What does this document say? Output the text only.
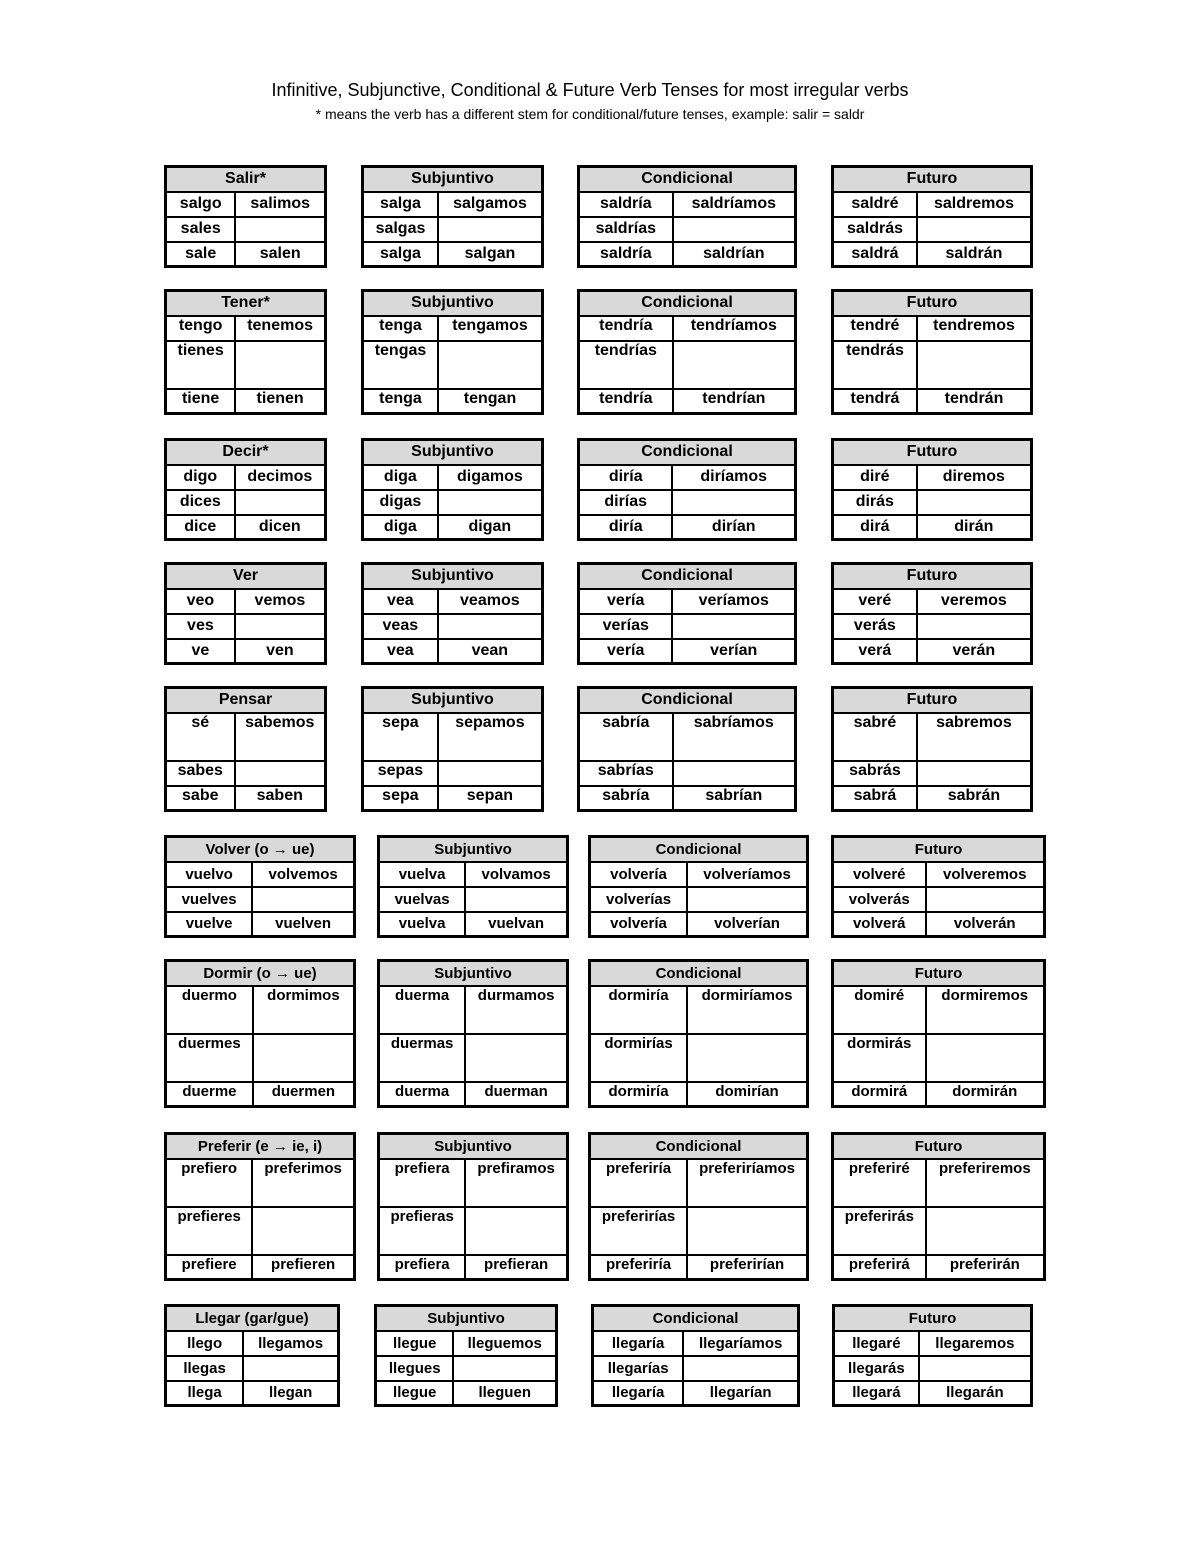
Infinitive, Subjunctive, Conditional & Future Verb Tenses for most irregular verbs
* means the verb has a different stem for conditional/future tenses, example: salir = saldr
Salir*	
salgo	salimos
sales	
sale	salen
Subjuntivo	
salga	salgamos
salgas	
salga	salgan
Condicional	
saldría	saldríamos
saldrías	
saldría	saldrían
Futuro	
saldré	saldremos
saldrás	
saldrá	saldrán
Tener*	
tengo	tenemos
tienes	
tiene	tienen
Subjuntivo	
tenga	tengamos
tengas	
tenga	tengan
Condicional	
tendría	tendríamos
tendrías	
tendría	tendrían
Futuro	
tendré	tendremos
tendrás	
tendrá	tendrán
Decir*	
digo	decimos
dices	
dice	dicen
Subjuntivo	
diga	digamos
digas	
diga	digan
Condicional	
diría	diríamos
dirías	
diría	dirían
Futuro	
diré	diremos
dirás	
dirá	dirán
Ver	
veo	vemos
ves	
ve	ven
Subjuntivo	
vea	veamos
veas	
vea	vean
Condicional	
vería	veríamos
verías	
vería	verían
Futuro	
veré	veremos
verás	
verá	verán
Pensar	
sé	sabemos
sabes	
sabe	saben
Subjuntivo	
sepa	sepamos
sepas	
sepa	sepan
Condicional	
sabría	sabríamos
sabrías	
sabría	sabrían
Futuro	
sabré	sabremos
sabrás	
sabrá	sabrán
Volver (o → ue)	
vuelvo	volvemos
vuelves	
vuelve	vuelven
Subjuntivo	
vuelva	volvamos
vuelvas	
vuelva	vuelvan
Condicional	
volvería	volveríamos
volverías	
volvería	volverían
Futuro	
volveré	volveremos
volverás	
volverá	volverán
Dormir (o → ue)	
duermo	dormimos
duermes	
duerme	duermen
Subjuntivo	
duerma	durmamos
duermas	
duerma	duerman
Condicional	
dormiría	dormiríamos
dormirías	
dormiría	domirían
Futuro	
domiré	dormiremos
dormirás	
dormirá	dormirán
Preferir (e → ie, i)	
prefiero	preferimos
prefieres	
prefiere	prefieren
Subjuntivo	
prefiera	prefiramos
prefieras	
prefiera	prefieran
Condicional	
preferiría	preferiríamos
preferirías	
preferiría	preferirían
Futuro	
preferiré	preferiremos
preferirás	
preferirá	preferirán
Llegar (gar/gue)	
llego	llegamos
llegas	
llega	llegan
Subjuntivo	
llegue	lleguemos
llegues	
llegue	lleguen
Condicional	
llegaría	llegaríamos
llegarías	
llegaría	llegarían
Futuro	
llegaré	llegaremos
llegarás	
llegará	llegarán
